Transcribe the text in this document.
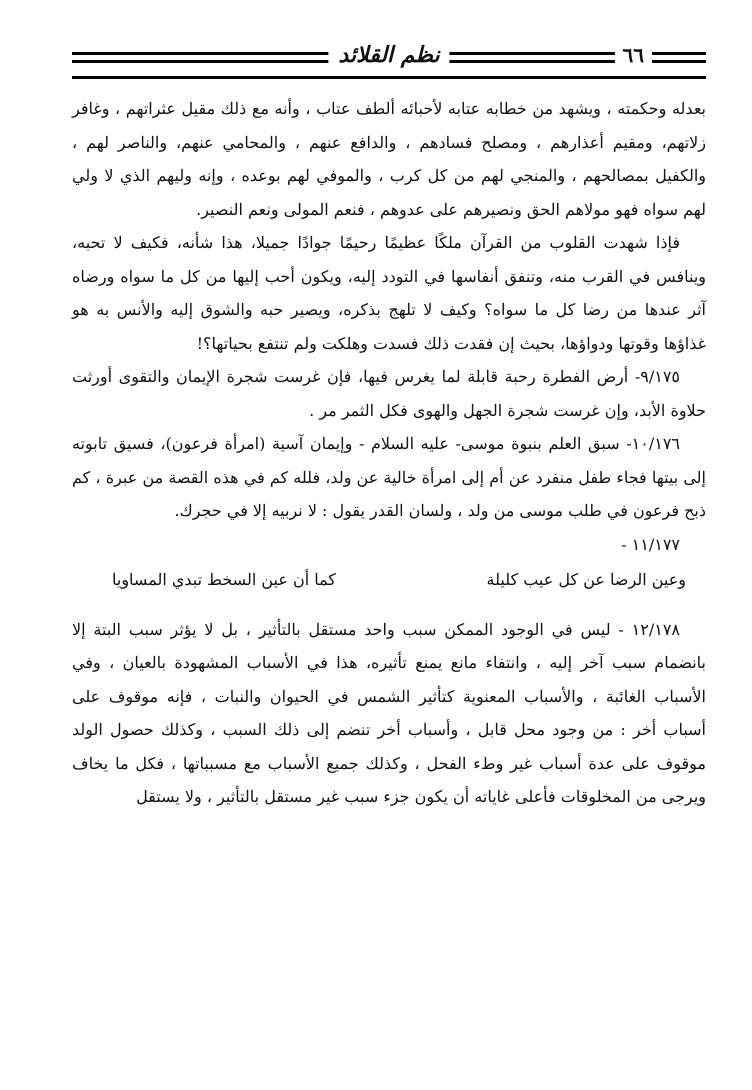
نظم القلائد	٦٦

بعدله وحكمته ، ويشهد من خطابه عتابه لأحبائه ألطف عتاب ، وأنه مع ذلك مقيل عثراتهم ، وغافر زلاتهم، ومقيم أعذارهم ، ومصلح فسادهم ، والدافع عنهم ، والمحامي عنهم، والناصر لهم ، والكفيل بمصالحهم ، والمنجي لهم من كل كرب ، والموفي لهم بوعده ، وإنه وليهم الذي لا ولي لهم سواه فهو مولاهم الحق ونصيرهم على عدوهم ، فنعم المولى ونعم النصير.

فإذا شهدت القلوب من القرآن ملكًا عظيمًا رحيمًا جوادًا جميلا، هذا شأنه، فكيف لا تحبه، وينافس في القرب منه، وتنفق أنفاسها في التودد إليه، ويكون أحب إليها من كل ما سواه ورضاه آثر عندها من رضا كل ما سواه؟ وكيف لا تلهج بذكره، ويصير حبه والشوق إليه والأنس به هو غذاؤها وقوتها ودواؤها، بحيث إن فقدت ذلك فسدت وهلكت ولم تنتفع بحياتها؟!

٩/١٧٥- أرض الفطرة رحبة قابلة لما يغرس فيها، فإن غرست شجرة الإيمان والتقوى أورثت حلاوة الأبد، وإن غرست شجرة الجهل والهوى فكل الثمر مر .

١٠/١٧٦- سبق العلم بنبوة موسى- عليه السلام - وإيمان آسية (امرأة فرعون)، فسيق تابوته إلى بيتها فجاء طفل منفرد عن أم إلى امرأة خالية عن ولد، فلله كم في هذه القصة من عبرة ، كم ذبح فرعون في طلب موسى من ولد ، ولسان القدر يقول : لا نربيه إلا في حجرك.

١١/١٧٧ -

وعين الرضا عن كل عيب كليلة
كما أن عين السخط تبدي المساويا

١٢/١٧٨ - ليس في الوجود الممكن سبب واحد مستقل بالتأثير ، بل لا يؤثر سبب البتة إلا بانضمام سبب آخر إليه ، وانتفاء مانع يمنع تأثيره، هذا في الأسباب المشهودة بالعيان ، وفي الأسباب الغائبة ، والأسباب المعنوية كتأثير الشمس في الحيوان والنبات ، فإنه موقوف على أسباب أخر : من وجود محل قابل ، وأسباب أخر تنضم إلى ذلك السبب ، وكذلك حصول الولد موقوف على عدة أسباب غير وطء الفحل ، وكذلك جميع الأسباب مع مسبباتها ، فكل ما يخاف ويرجى من المخلوقات فأعلى غاياته أن يكون جزء سبب غير مستقل بالتأثير ، ولا يستقل
